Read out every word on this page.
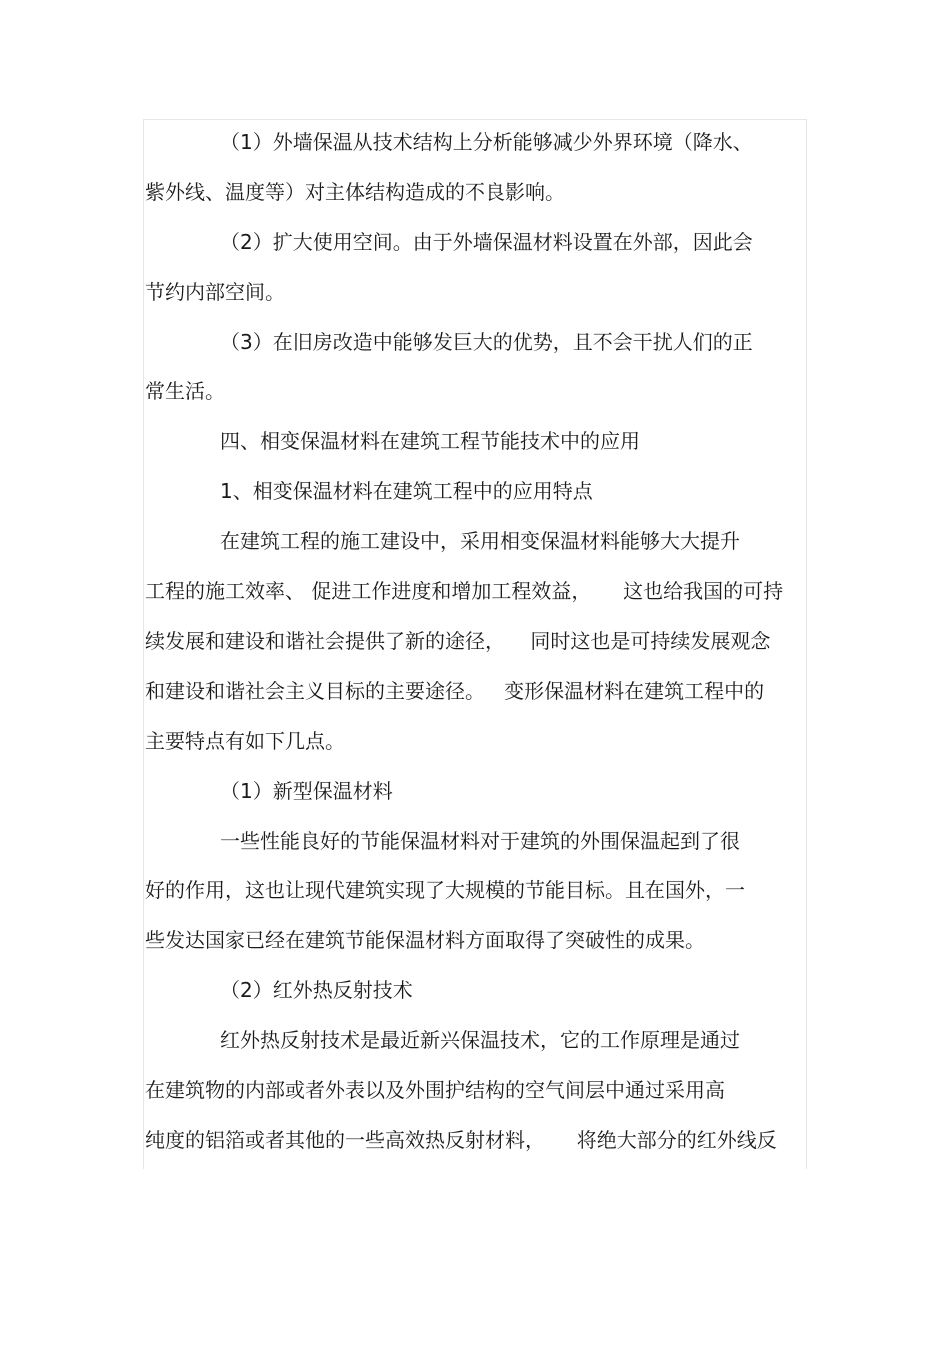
（1）外墙保温从技术结构上分析能够减少外界环境（降水、

紫外线、温度等）对主体结构造成的不良影响。

（2）扩大使用空间。由于外墙保温材料设置在外部，因此会

节约内部空间。

（3）在旧房改造中能够发巨大的优势，且不会干扰人们的正

常生活。

四、相变保温材料在建筑工程节能技术中的应用

1、相变保温材料在建筑工程中的应用特点

在建筑工程的施工建设中，采用相变保温材料能够大大提升

工程的施工效率、 促进工作进度和增加工程效益，     这也给我国的可持

续发展和建设和谐社会提供了新的途径，    同时这也是可持续发展观念

和建设和谐社会主义目标的主要途径。   变形保温材料在建筑工程中的

主要特点有如下几点。

（1）新型保温材料

一些性能良好的节能保温材料对于建筑的外围保温起到了很

好的作用，这也让现代建筑实现了大规模的节能目标。且在国外，一

些发达国家已经在建筑节能保温材料方面取得了突破性的成果。

（2）红外热反射技术

红外热反射技术是最近新兴保温技术，它的工作原理是通过

在建筑物的内部或者外表以及外围护结构的空气间层中通过采用高

纯度的铝箔或者其他的一些高效热反射材料，     将绝大部分的红外线反
